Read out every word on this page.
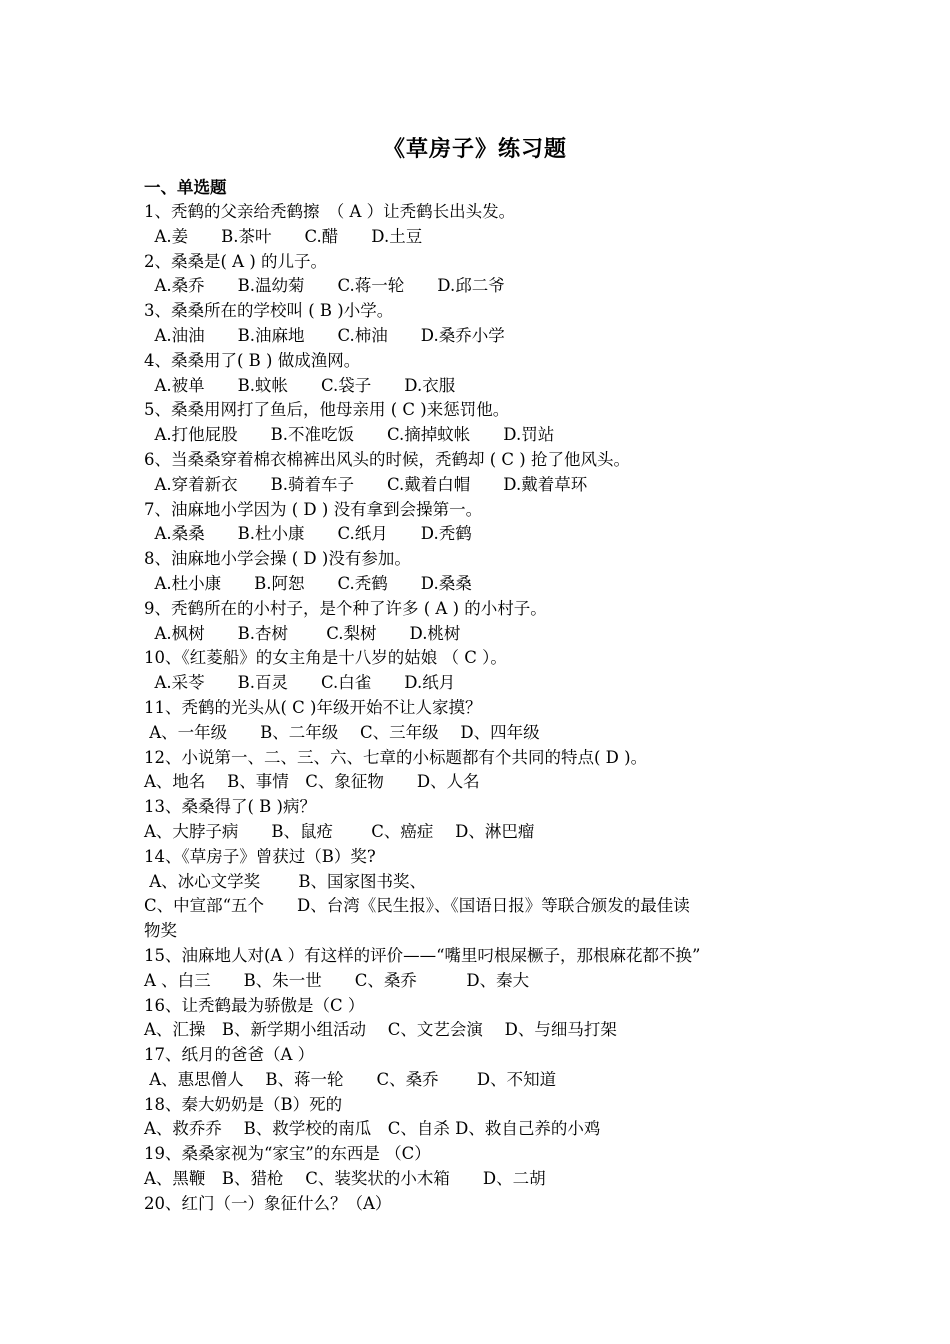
《草房子》练习题
一、单选题
1、秃鹤的父亲给秃鹤擦　（ A ）让秃鹤长出头发。
A.姜　　B.茶叶　　C.醋　　D.土豆
2、桑桑是( A ) 的儿子。
A.桑乔　　B.温幼菊　　C.蒋一轮　　D.邱二爷
3、桑桑所在的学校叫 ( B )小学。
A.油油　　B.油麻地　　C.柿油　　D.桑乔小学
4、桑桑用了( B ) 做成渔网。
A.被单　　B.蚊帐　　C.袋子　　D.衣服
5、桑桑用网打了鱼后，他母亲用 ( C )来惩罚他。
A.打他屁股　　B.不准吃饭　　C.摘掉蚊帐　　D.罚站
6、当桑桑穿着棉衣棉裤出风头的时候，秃鹤却 ( C ) 抢了他风头。
A.穿着新衣　　B.骑着车子　　C.戴着白帽　　D.戴着草环
7、油麻地小学因为 ( D ) 没有拿到会操第一。
A.桑桑　　B.杜小康　　C.纸月　　D.秃鹤
8、油麻地小学会操 ( D )没有参加。
A.杜小康　　B.阿恕　　C.秃鹤　　D.桑桑
9、秃鹤所在的小村子，是个种了许多 ( A ) 的小村子。
A.枫树　　B.杏树　　 C.梨树　　D.桃树
10、《红菱船》的女主角是十八岁的姑娘 （ C ）。
A.采苓　　B.百灵　　C.白雀　　D.纸月
11、秃鹤的光头从( C )年级开始不让人家摸？
A、一年级　　B、二年级　 C、三年级　 D、四年级
12、小说第一、二、三、六、七章的小标题都有个共同的特点( D )。
A、地名　 B、事情　C、象征物　　D、人名
13、桑桑得了( B )病？
A、大脖子病　　B、鼠疮　　 C、癌症　 D、淋巴瘤
14、《草房子》曾获过（B）奖?
A、冰心文学奖　　 B、国家图书奖、
C、中宣部“五个　　D、台湾《民生报》、《国语日报》等联合颁发的最佳读
物奖
15、油麻地人对(A ）有这样的评价——“嘴里叼根屎橛子，那根麻花都不换”
A 、白三　　B、朱一世　　C、桑乔　　　D、秦大
16、让秃鹤最为骄傲是（C ）
A、汇操　B、新学期小组活动　 C、文艺会演　 D、与细马打架
17、纸月的爸爸（A ）
A、惠思僧人　 B、蒋一轮　　C、桑乔　　 D、不知道
18、秦大奶奶是（B）死的
A、救乔乔　 B、救学校的南瓜　C、自杀 D、救自己养的小鸡
19、桑桑家视为“家宝”的东西是 （C）
A、黑鞭　B、猎枪　 C、装奖状的小木箱　　D、二胡
20、红门（一）象征什么？（A）
